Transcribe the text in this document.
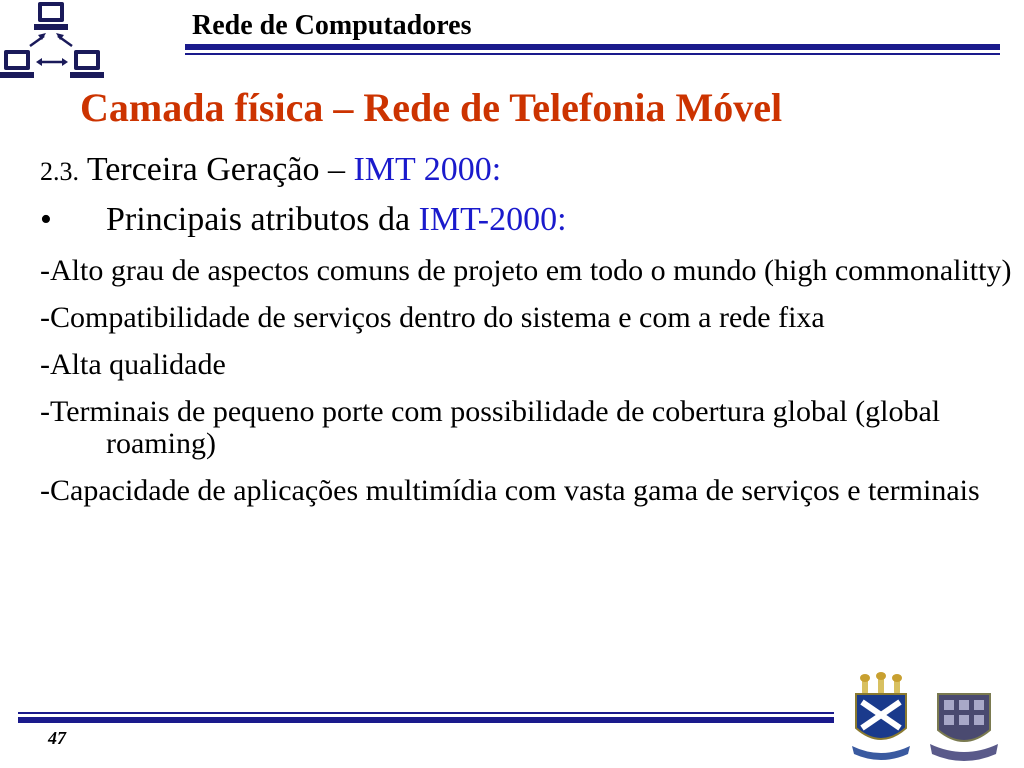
Rede de Computadores
Camada física – Rede de Telefonia Móvel
2.3. Terceira Geração – IMT 2000:
•	Principais atributos da IMT-2000:
-Alto grau de aspectos comuns de projeto em todo o mundo (high commonalitty)
-Compatibilidade de serviços dentro do sistema e com a rede fixa
-Alta qualidade
-Terminais de pequeno porte com possibilidade de cobertura global (global roaming)
-Capacidade de aplicações multimídia com vasta gama de serviços e terminais
47
